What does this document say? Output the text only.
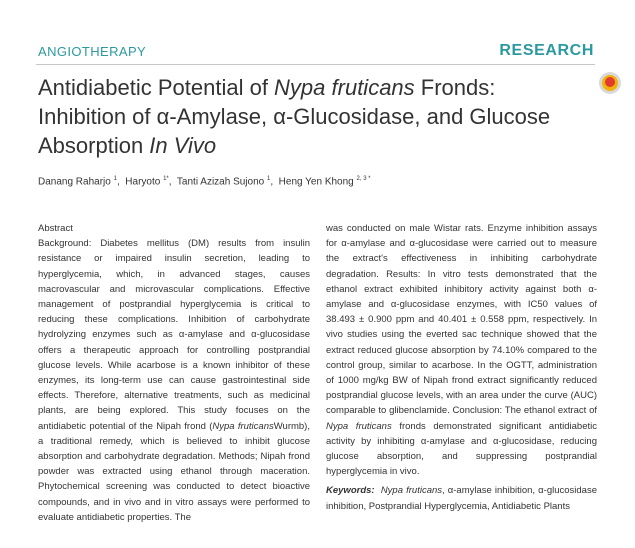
ANGIOTHERAPY	RESEARCH
Antidiabetic Potential of Nypa fruticans Fronds:
Inhibition of α-Amylase, α-Glucosidase, and Glucose
Absorption In Vivo
Danang Raharjo $^1$,  Haryoto $^{1*}$,  Tanti Azizah Sujono $^1$,  Heng Yen Khong $^{2, 3 *}$
Abstract

Background: Diabetes mellitus (DM) results from insulin resistance or impaired insulin secretion, leading to hyperglycemia, which, in advanced stages, causes macrovascular and microvascular complications. Effective management of postprandial hyperglycemia is critical to reducing these complications. Inhibition of carbohydrate hydrolyzing enzymes such as α-amylase and α-glucosidase offers a therapeutic approach for controlling postprandial glucose levels. While acarbose is a known inhibitor of these enzymes, its long-term use can cause gastrointestinal side effects. Therefore, alternative treatments, such as medicinal plants, are being explored. This study focuses on the antidiabetic potential of the Nipah frond (Nypa fruticansWurmb), a traditional remedy, which is believed to inhibit glucose absorption and carbohydrate degradation. Methods; Nipah frond powder was extracted using ethanol through maceration. Phytochemical screening was conducted to detect bioactive compounds, and in vivo and in vitro assays were performed to evaluate antidiabetic properties. The

was conducted on male Wistar rats. Enzyme inhibition assays for α-amylase and α-glucosidase were carried out to measure the extract's effectiveness in inhibiting carbohydrate degradation. Results: In vitro tests demonstrated that the ethanol extract exhibited inhibitory activity against both α-amylase and α-glucosidase enzymes, with IC50 values of 38.493 ± 0.900 ppm and 40.401 ± 0.558 ppm, respectively. In vivo studies using the everted sac technique showed that the extract reduced glucose absorption by 74.10% compared to the control group, similar to acarbose. In the OGTT, administration of 1000 mg/kg BW of Nipah frond extract significantly reduced postprandial glucose levels, with an area under the curve (AUC) comparable to glibenclamide. Conclusion: The ethanol extract of Nypa fruticans fronds demonstrated significant antidiabetic activity by inhibiting α-amylase and α-glucosidase, reducing glucose absorption, and suppressing postprandial hyperglycemia in vivo.

Keywords: Nypa fruticans, α-amylase inhibition, α-glucosidase inhibition, Postprandial Hyperglycemia, Antidiabetic Plants
